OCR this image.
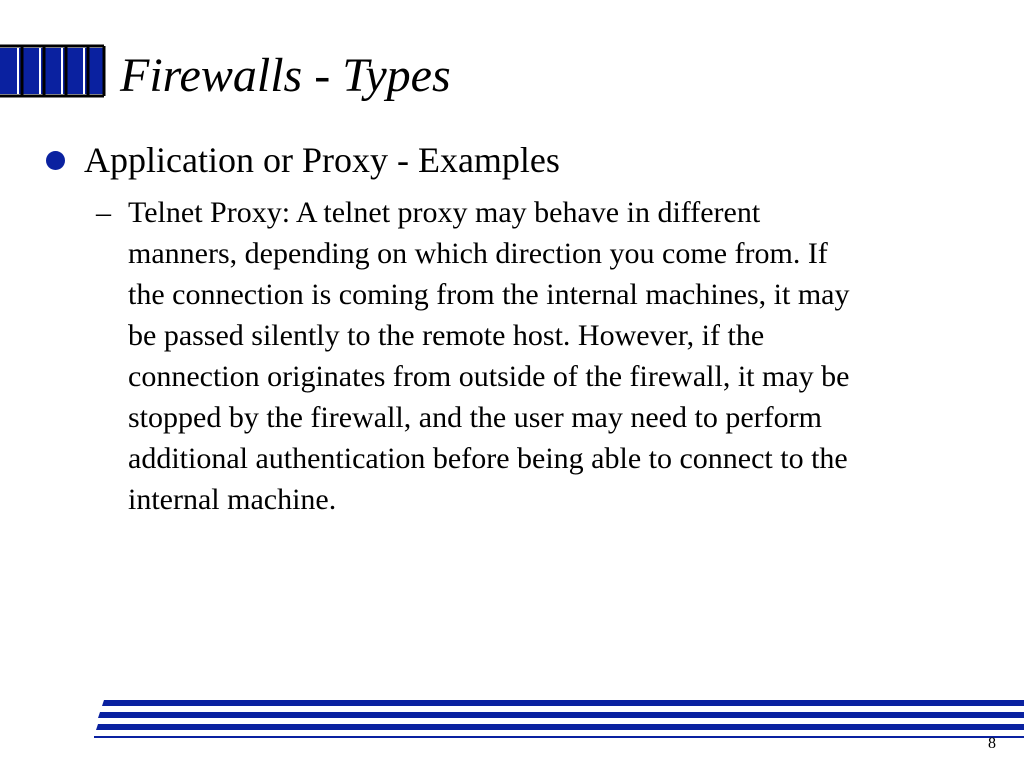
Firewalls - Types
Application or Proxy - Examples
– Telnet Proxy: A telnet proxy may behave in different
manners, depending on which direction you come from. If
the connection is coming from the internal machines, it may
be passed silently to the remote host. However, if the
connection originates from outside of the firewall, it may be
stopped by the firewall, and the user may need to perform
additional authentication before being able to connect to the
internal machine.
8
